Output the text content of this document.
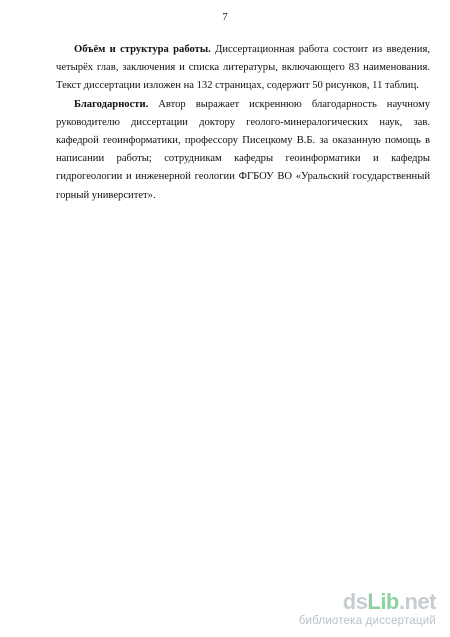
7

Объём и структура работы. Диссертационная работа состоит из введения, четырёх глав, заключения и списка литературы, включающего 83 наименования. Текст диссертации изложен на 132 страницах, содержит 50 рисунков, 11 таблиц.

Благодарности. Автор выражает искреннюю благодарность научному руководителю диссертации доктору геолого-минералогических наук, зав. кафедрой геоинформатики, профессору Писецкому В.Б. за оказанную помощь в написании работы; сотрудникам кафедры геоинформатики и кафедры гидрогеологии и инженерной геологии ФГБОУ ВО «Уральский государственный горный университет».

dsLib.net
библиотека диссертаций
